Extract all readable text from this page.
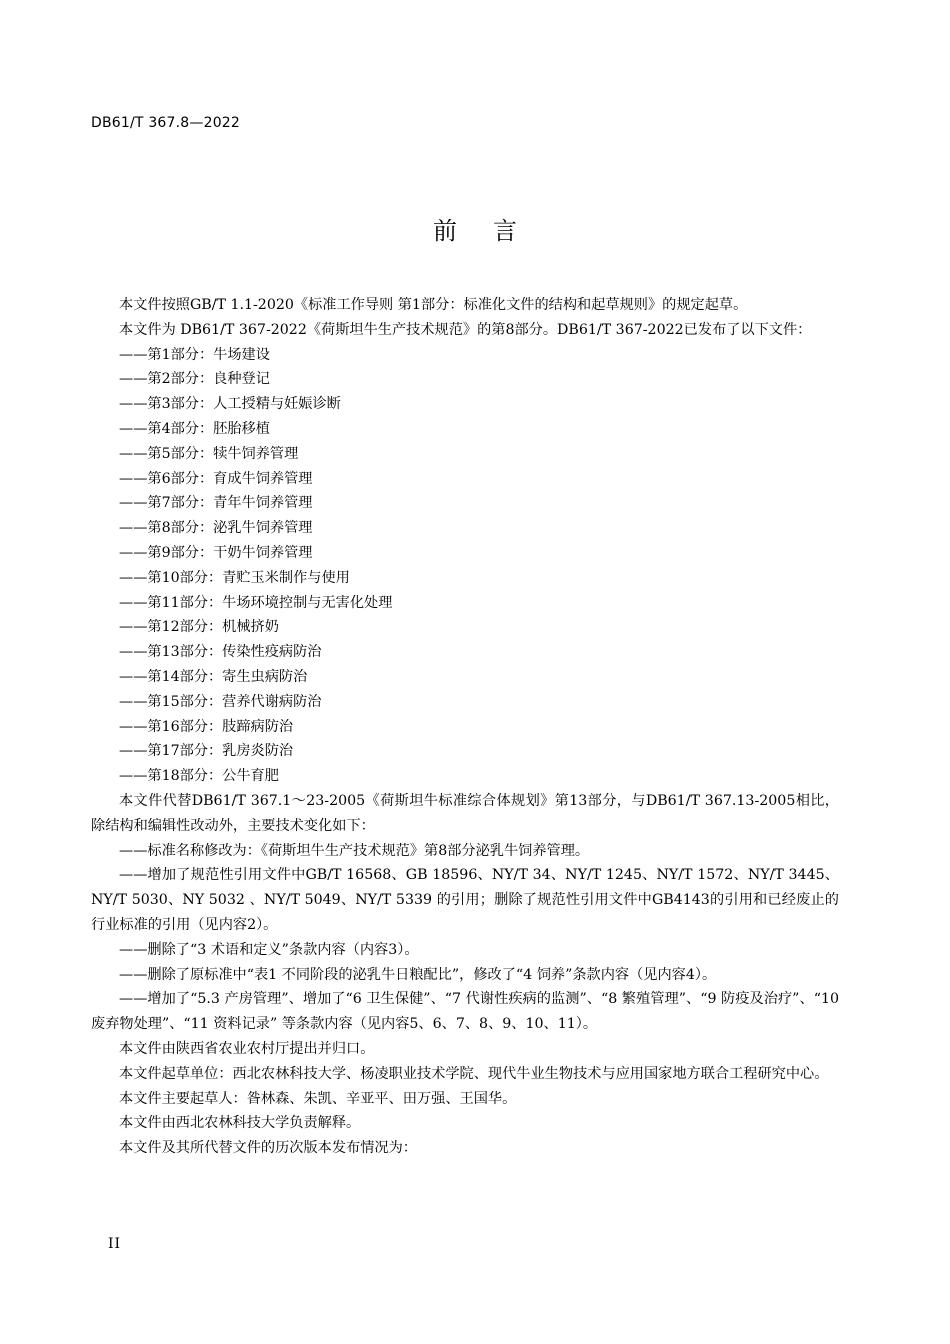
DB61/T 367.8—2022
前言

本文件按照GB/T 1.1-2020《标准工作导则 第1部分：标准化文件的结构和起草规则》的规定起草。

本文件为 DB61/T 367-2022《荷斯坦牛生产技术规范》的第8部分。DB61/T 367-2022已发布了以下文件：

——第1部分：牛场建设

——第2部分：良种登记

——第3部分：人工授精与妊娠诊断

——第4部分：胚胎移植

——第5部分：犊牛饲养管理

——第6部分：育成牛饲养管理

——第7部分：青年牛饲养管理

——第8部分：泌乳牛饲养管理

——第9部分：干奶牛饲养管理

——第10部分：青贮玉米制作与使用

——第11部分：牛场环境控制与无害化处理

——第12部分：机械挤奶

——第13部分：传染性疫病防治

——第14部分：寄生虫病防治

——第15部分：营养代谢病防治

——第16部分：肢蹄病防治

——第17部分：乳房炎防治

——第18部分：公牛育肥

本文件代替DB61/T 367.1～23-2005《荷斯坦牛标准综合体规划》第13部分，与DB61/T 367.13-2005相比，除结构和编辑性改动外，主要技术变化如下：

——标准名称修改为：《荷斯坦牛生产技术规范》第8部分泌乳牛饲养管理。

——增加了规范性引用文件中GB/T 16568、GB 18596、NY/T 34、NY/T 1245、NY/T 1572、NY/T 3445、NY/T 5030、NY 5032 、NY/T 5049、NY/T 5339 的引用；删除了规范性引用文件中GB4143的引用和已经废止的行业标准的引用（见内容2）。

——删除了“3 术语和定义”条款内容（内容3）。

——删除了原标准中“表1 不同阶段的泌乳牛日粮配比”，修改了“4 饲养”条款内容（见内容4）。

——增加了“5.3 产房管理”、增加了“6 卫生保健”、“7 代谢性疾病的监测”、“8 繁殖管理”、“9 防疫及治疗”、“10 废弃物处理”、“11 资料记录” 等条款内容（见内容5、6、7、8、9、10、11）。

本文件由陕西省农业农村厅提出并归口。

本文件起草单位：西北农林科技大学、杨凌职业技术学院、现代牛业生物技术与应用国家地方联合工程研究中心。

本文件主要起草人：昝林森、朱凯、辛亚平、田万强、王国华。

本文件由西北农林科技大学负责解释。

本文件及其所代替文件的历次版本发布情况为：

II
